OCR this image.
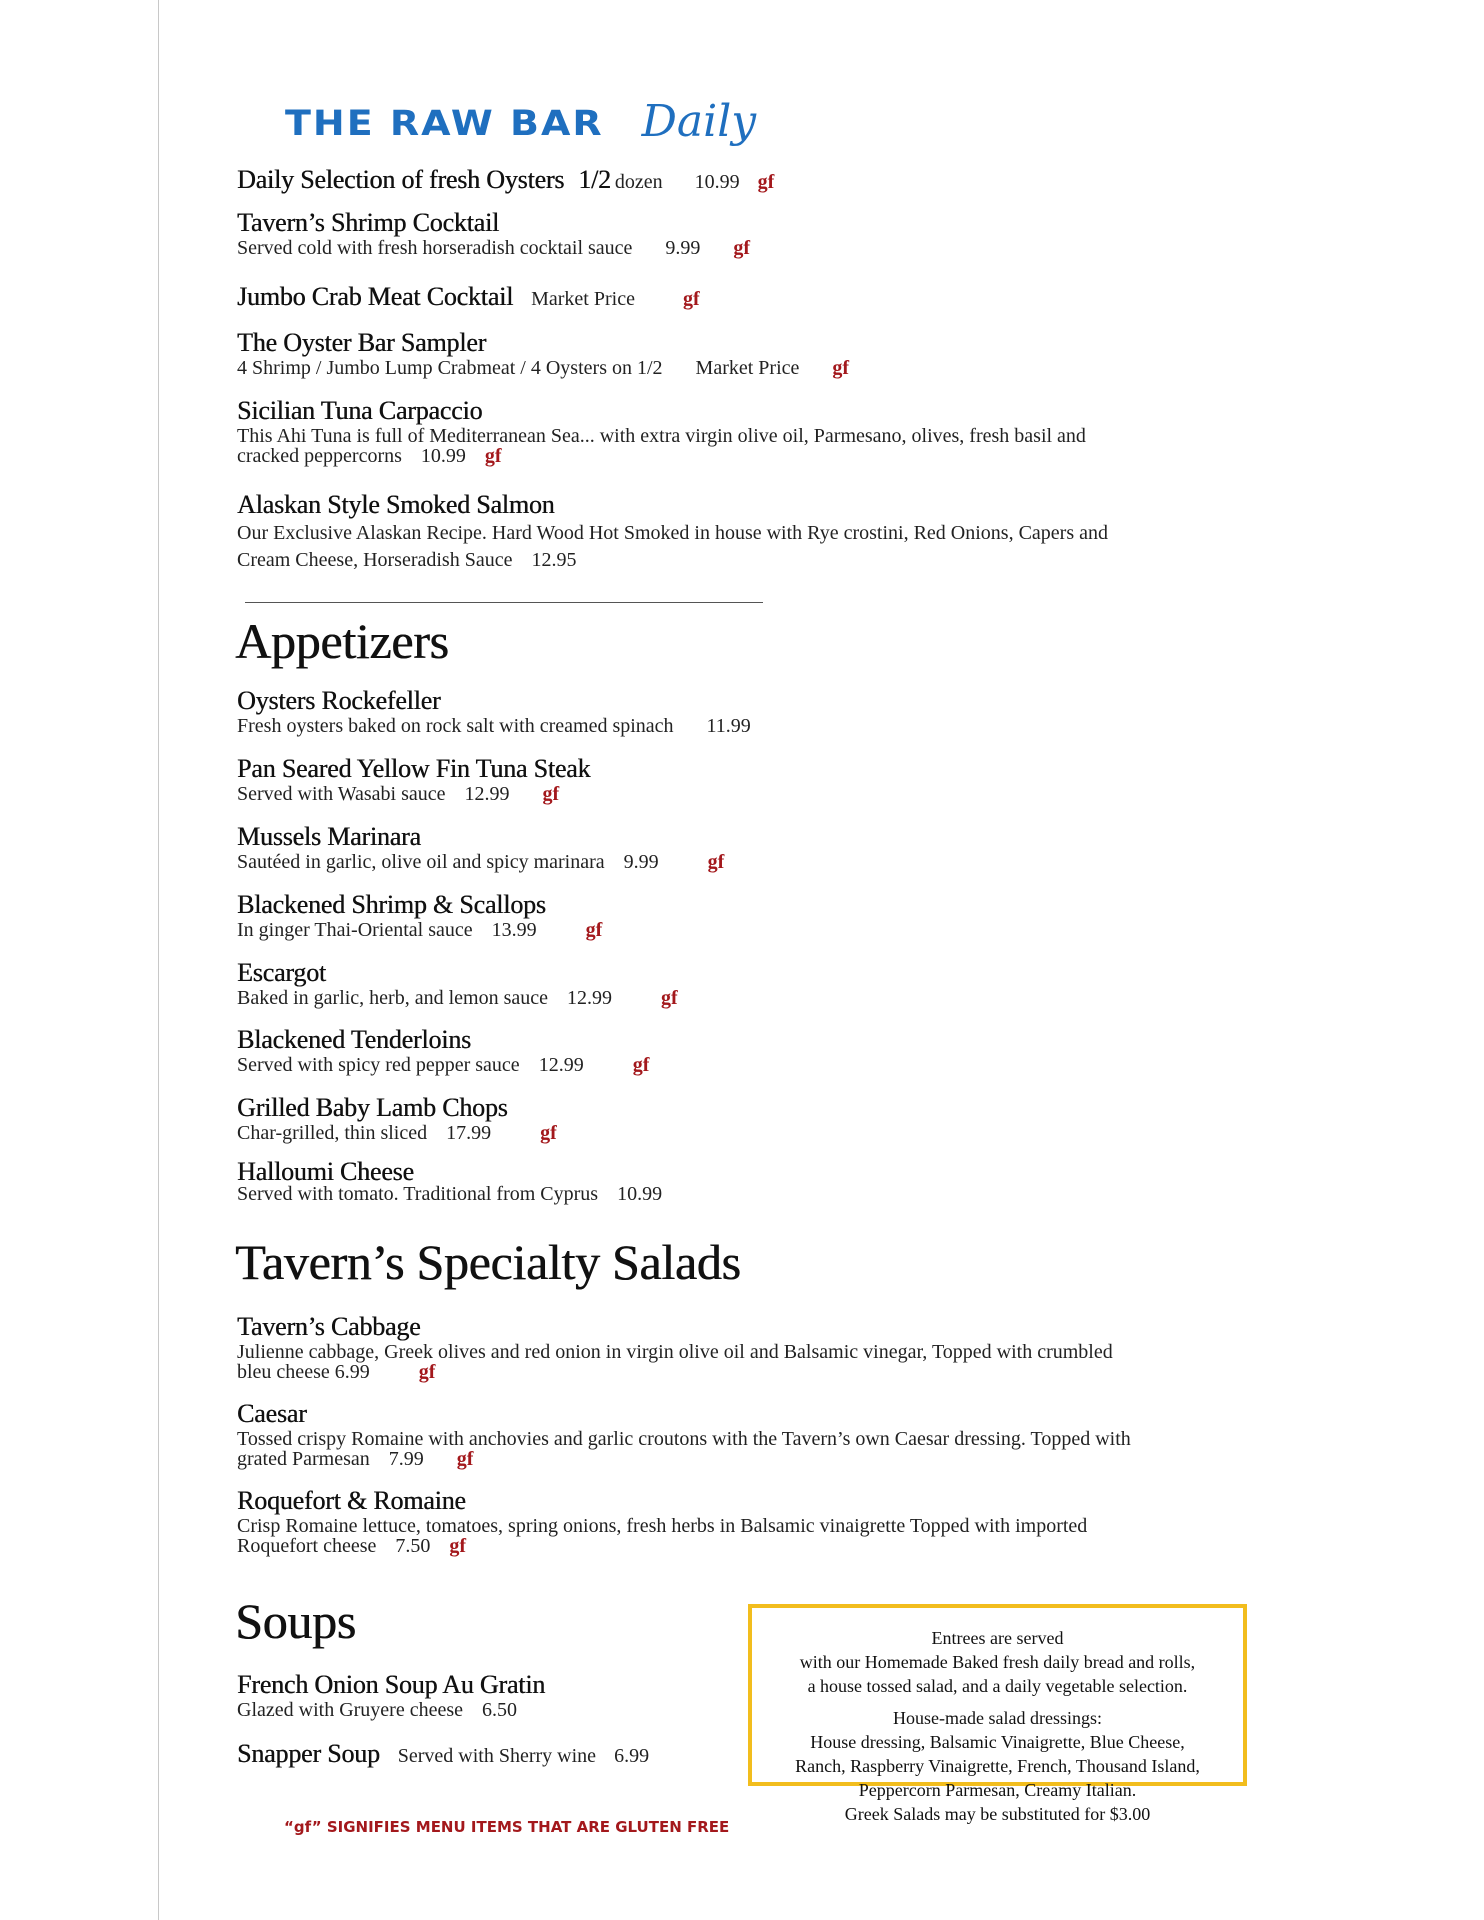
THE RAW BAR Daily
Daily Selection of fresh Oysters 1/2 dozen 10.99 gf
Tavern’s Shrimp Cocktail
Served cold with fresh horseradish cocktail sauce 9.99 gf
Jumbo Crab Meat Cocktail Market Price gf
The Oyster Bar Sampler
4 Shrimp / Jumbo Lump Crabmeat / 4 Oysters on 1/2 Market Price gf
Sicilian Tuna Carpaccio
This Ahi Tuna is full of Mediterranean Sea... with extra virgin olive oil, Parmesano, olives, fresh basil and
cracked peppercorns 10.99 gf
Alaskan Style Smoked Salmon
Our Exclusive Alaskan Recipe. Hard Wood Hot Smoked in house with Rye crostini, Red Onions, Capers and
Cream Cheese, Horseradish Sauce 12.95
Appetizers
Oysters Rockefeller
Fresh oysters baked on rock salt with creamed spinach 11.99
Pan Seared Yellow Fin Tuna Steak
Served with Wasabi sauce 12.99 gf
Mussels Marinara
Sautéed in garlic, olive oil and spicy marinara 9.99 gf
Blackened Shrimp & Scallops
In ginger Thai-Oriental sauce 13.99 gf
Escargot
Baked in garlic, herb, and lemon sauce 12.99 gf
Blackened Tenderloins
Served with spicy red pepper sauce 12.99 gf
Grilled Baby Lamb Chops
Char-grilled, thin sliced 17.99 gf
Halloumi Cheese
Served with tomato. Traditional from Cyprus 10.99
Tavern’s Specialty Salads
Tavern’s Cabbage
Julienne cabbage, Greek olives and red onion in virgin olive oil and Balsamic vinegar, Topped with crumbled
bleu cheese 6.99 gf
Caesar
Tossed crispy Romaine with anchovies and garlic croutons with the Tavern’s own Caesar dressing. Topped with
grated Parmesan 7.99 gf
Roquefort & Romaine
Crisp Romaine lettuce, tomatoes, spring onions, fresh herbs in Balsamic vinaigrette Topped with imported
Roquefort cheese 7.50 gf
Soups
French Onion Soup Au Gratin
Glazed with Gruyere cheese 6.50
Snapper Soup Served with Sherry wine 6.99
“gf” SIGNIFIES MENU ITEMS THAT ARE GLUTEN FREE
Entrees are served
with our Homemade Baked fresh daily bread and rolls,
a house tossed salad, and a daily vegetable selection.
House-made salad dressings:
House dressing, Balsamic Vinaigrette, Blue Cheese,
Ranch, Raspberry Vinaigrette, French, Thousand Island,
Peppercorn Parmesan, Creamy Italian.
Greek Salads may be substituted for $3.00
